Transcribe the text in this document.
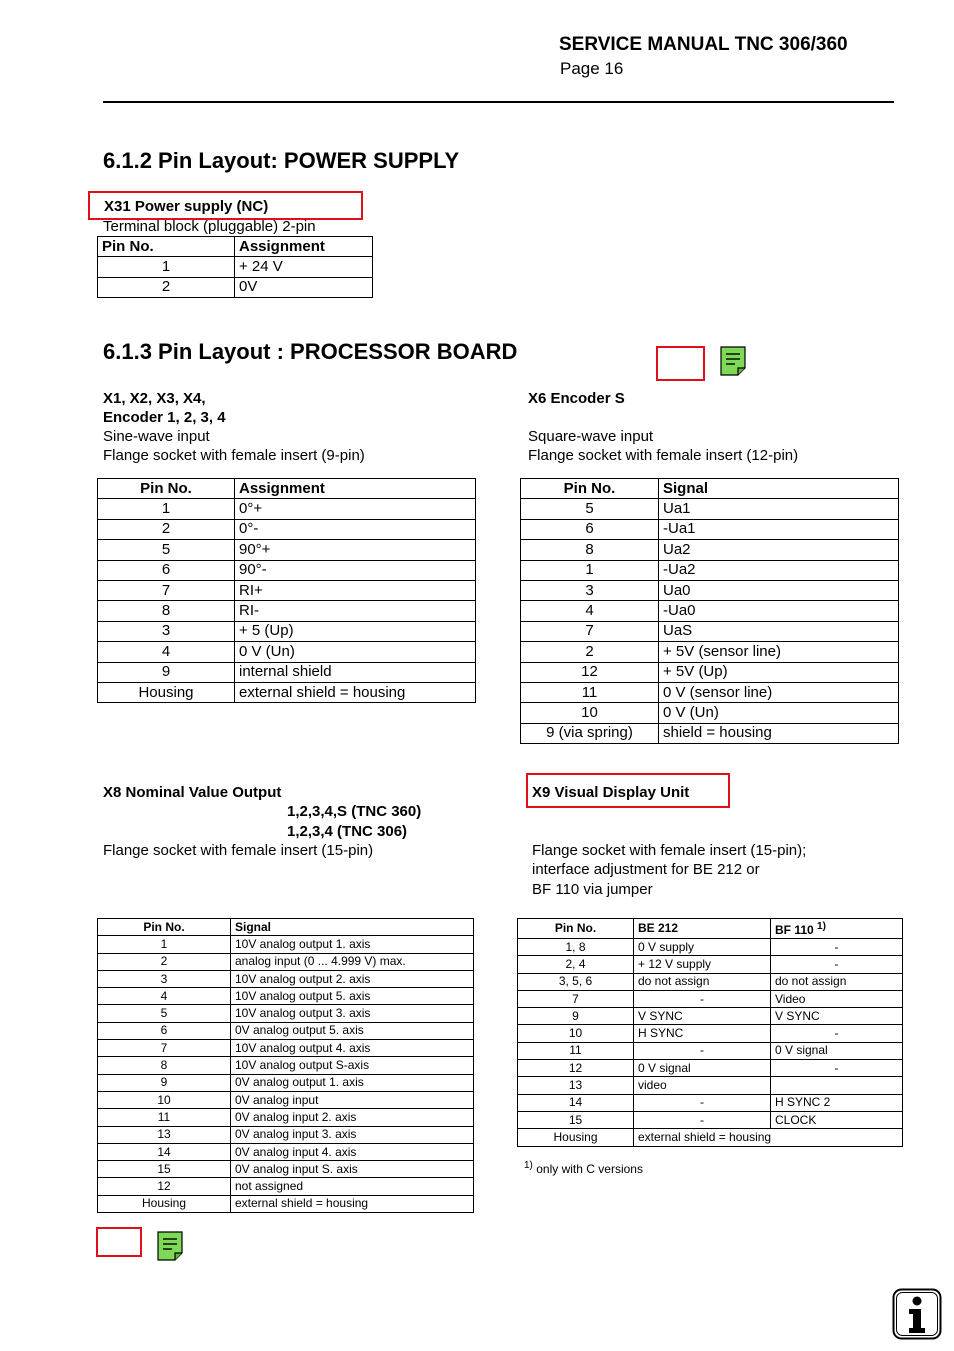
SERVICE MANUAL TNC 306/360
Page 16
6.1.2 Pin Layout: POWER SUPPLY
X31 Power supply (NC)
Terminal block (pluggable) 2-pin
Pin No.	Assignment
1	+ 24 V
2	0V
6.1.3 Pin Layout : PROCESSOR BOARD
X1, X2, X3, X4,
Encoder 1, 2, 3, 4
Sine-wave input
Flange socket with female insert (9-pin)
Pin No.	Assignment
1	0°+
2	0°-
5	90°+
6	90°-
7	RI+
8	RI-
3	+ 5 (Up)
4	0 V (Un)
9	internal shield
Housing	external shield = housing
X6 Encoder S
Square-wave input
Flange socket with female insert (12-pin)
Pin No.	Signal
5	Ua1
6	-Ua1
8	Ua2
1	-Ua2
3	Ua0
4	-Ua0
7	UaS
2	+ 5V (sensor line)
12	+ 5V (Up)
11	0 V (sensor line)
10	0 V (Un)
9 (via spring)	shield = housing
X8 Nominal Value Output
1,2,3,4,S (TNC 360)
1,2,3,4 (TNC 306)
Flange socket with female insert (15-pin)
Pin No.	Signal
1	10V analog output 1. axis
2	analog input (0 ... 4.999 V) max.
3	10V analog output 2. axis
4	10V analog output 5. axis
5	10V analog output 3. axis
6	0V analog output 5. axis
7	10V analog output 4. axis
8	10V analog output S-axis
9	0V analog output 1. axis
10	0V analog input
11	0V analog input 2. axis
13	0V analog input 3. axis
14	0V analog input 4. axis
15	0V analog input S. axis
12	not assigned
Housing	external shield = housing
X9 Visual Display Unit
Flange socket with female insert (15-pin);
interface adjustment for BE 212 or
BF 110 via jumper
Pin No.	BE 212	BF 110 $^{1)}$
1, 8	0 V supply	-
2, 4	+ 12 V supply	-
3, 5, 6	do not assign	do not assign
7	-	Video
9	V SYNC	V SYNC
10	H SYNC	-
11	-	0 V signal
12	0 V signal	-
13	video	
14	-	H SYNC 2
15	-	CLOCK
Housing	external shield = housing	
$^{1)}$ only with C versions
